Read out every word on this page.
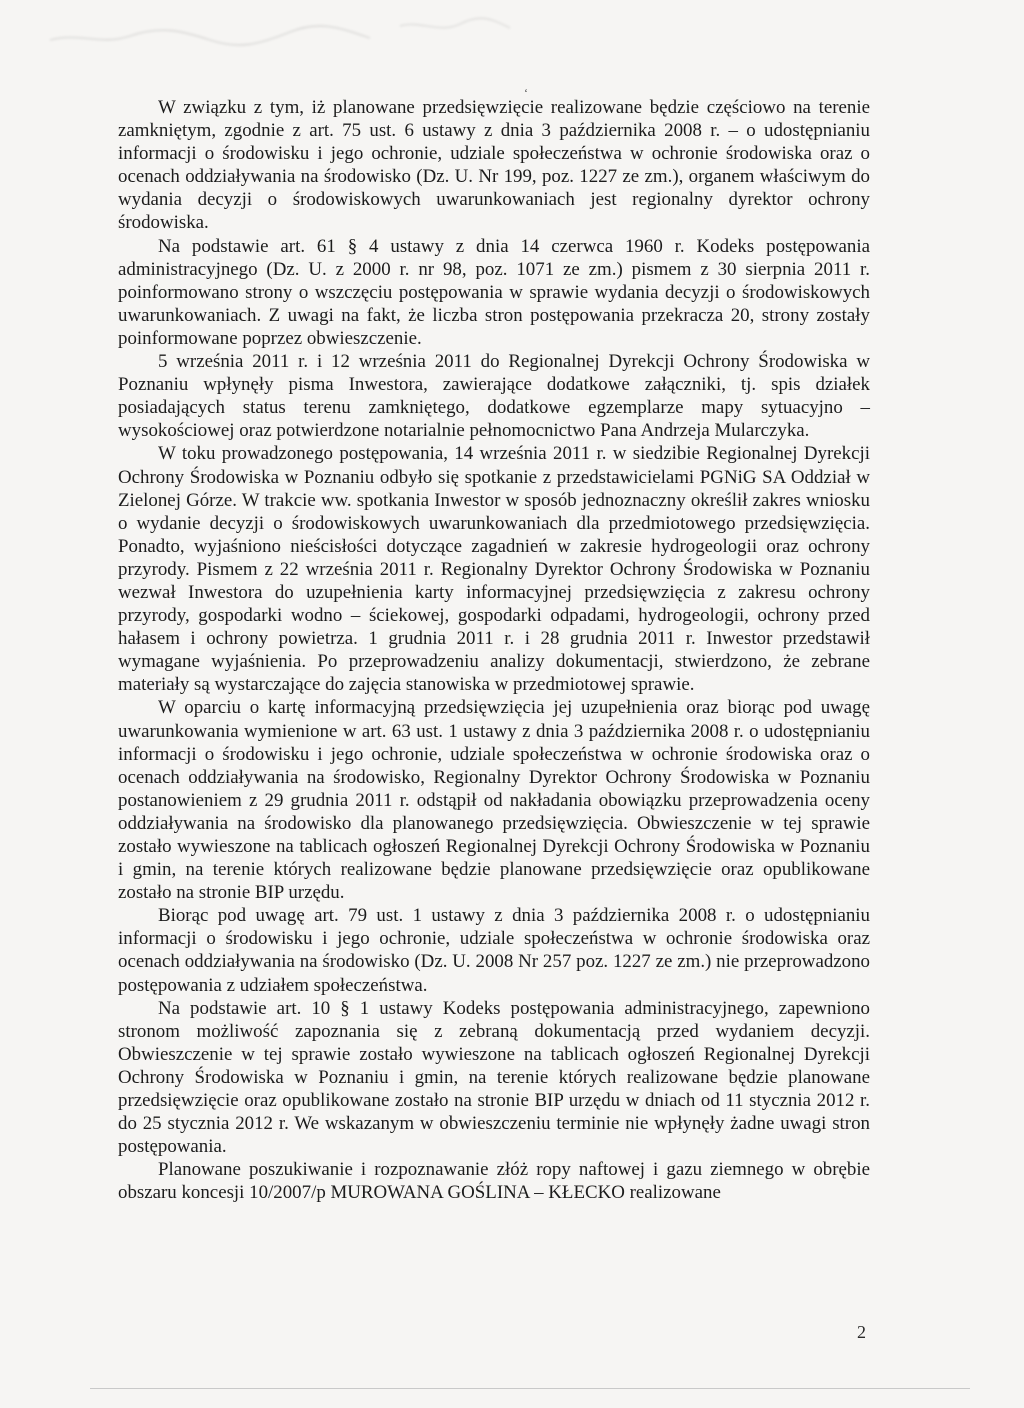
ʻ

W związku z tym, iż planowane przedsięwzięcie realizowane będzie częściowo na terenie zamkniętym, zgodnie z art. 75 ust. 6 ustawy z dnia 3 października 2008 r. – o udostępnianiu informacji o środowisku i jego ochronie, udziale społeczeństwa w ochronie środowiska oraz o ocenach oddziaływania na środowisko (Dz. U. Nr 199, poz. 1227 ze zm.), organem właściwym do wydania decyzji o środowiskowych uwarunkowaniach jest regionalny dyrektor ochrony środowiska.

Na podstawie art. 61 § 4 ustawy z dnia 14 czerwca 1960 r. Kodeks postępowania administracyjnego (Dz. U. z 2000 r. nr 98, poz. 1071 ze zm.) pismem z 30 sierpnia 2011 r. poinformowano strony o wszczęciu postępowania w sprawie wydania decyzji o środowiskowych uwarunkowaniach. Z uwagi na fakt, że liczba stron postępowania przekracza 20, strony zostały poinformowane poprzez obwieszczenie.

5 września 2011 r. i 12 września 2011 do Regionalnej Dyrekcji Ochrony Środowiska w Poznaniu wpłynęły pisma Inwestora, zawierające dodatkowe załączniki, tj. spis działek posiadających status terenu zamkniętego, dodatkowe egzemplarze mapy sytuacyjno – wysokościowej oraz potwierdzone notarialnie pełnomocnictwo Pana Andrzeja Mularczyka.

W toku prowadzonego postępowania, 14 września 2011 r. w siedzibie Regionalnej Dyrekcji Ochrony Środowiska w Poznaniu odbyło się spotkanie z przedstawicielami PGNiG SA Oddział w Zielonej Górze. W trakcie ww. spotkania Inwestor w sposób jednoznaczny określił zakres wniosku o wydanie decyzji o środowiskowych uwarunkowaniach dla przedmiotowego przedsięwzięcia. Ponadto, wyjaśniono nieścisłości dotyczące zagadnień w zakresie hydrogeologii oraz ochrony przyrody. Pismem z 22 września 2011 r. Regionalny Dyrektor Ochrony Środowiska w Poznaniu wezwał Inwestora do uzupełnienia karty informacyjnej przedsięwzięcia z zakresu ochrony przyrody, gospodarki wodno – ściekowej, gospodarki odpadami, hydrogeologii, ochrony przed hałasem i ochrony powietrza. 1 grudnia 2011 r. i 28 grudnia 2011 r. Inwestor przedstawił wymagane wyjaśnienia. Po przeprowadzeniu analizy dokumentacji, stwierdzono, że zebrane materiały są wystarczające do zajęcia stanowiska w przedmiotowej sprawie.

W oparciu o kartę informacyjną przedsięwzięcia jej uzupełnienia oraz biorąc pod uwagę uwarunkowania wymienione w art. 63 ust. 1 ustawy z dnia 3 października 2008 r. o udostępnianiu informacji o środowisku i jego ochronie, udziale społeczeństwa w ochronie środowiska oraz o ocenach oddziaływania na środowisko, Regionalny Dyrektor Ochrony Środowiska w Poznaniu postanowieniem z 29 grudnia 2011 r. odstąpił od nakładania obowiązku przeprowadzenia oceny oddziaływania na środowisko dla planowanego przedsięwzięcia. Obwieszczenie w tej sprawie zostało wywieszone na tablicach ogłoszeń Regionalnej Dyrekcji Ochrony Środowiska w Poznaniu i gmin, na terenie których realizowane będzie planowane przedsięwzięcie oraz opublikowane zostało na stronie BIP urzędu.

Biorąc pod uwagę art. 79 ust. 1 ustawy z dnia 3 października 2008 r. o udostępnianiu informacji o środowisku i jego ochronie, udziale społeczeństwa w ochronie środowiska oraz ocenach oddziaływania na środowisko (Dz. U. 2008 Nr 257 poz. 1227 ze zm.) nie przeprowadzono postępowania z udziałem społeczeństwa.

Na podstawie art. 10 § 1 ustawy Kodeks postępowania administracyjnego, zapewniono stronom możliwość zapoznania się z zebraną dokumentacją przed wydaniem decyzji. Obwieszczenie w tej sprawie zostało wywieszone na tablicach ogłoszeń Regionalnej Dyrekcji Ochrony Środowiska w Poznaniu i gmin, na terenie których realizowane będzie planowane przedsięwzięcie oraz opublikowane zostało na stronie BIP urzędu w dniach od 11 stycznia 2012 r. do 25 stycznia 2012 r. We wskazanym w obwieszczeniu terminie nie wpłynęły żadne uwagi stron postępowania.

Planowane poszukiwanie i rozpoznawanie złóż ropy naftowej i gazu ziemnego w obrębie obszaru koncesji 10/2007/p MUROWANA GOŚLINA – KŁECKO realizowane

2
